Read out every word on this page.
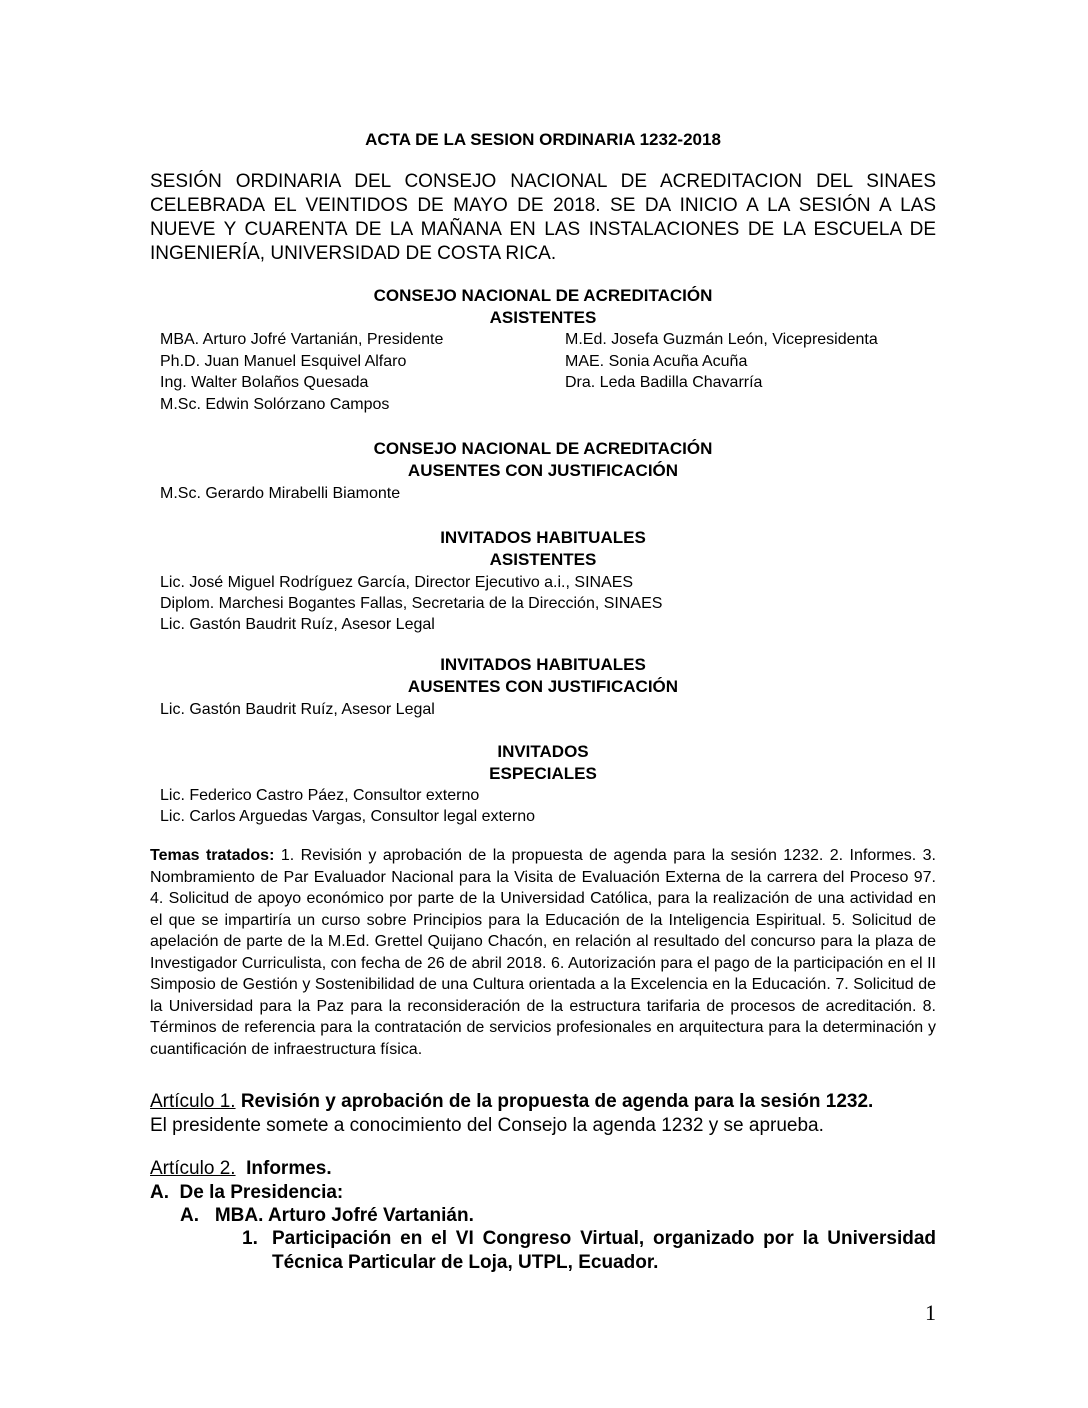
ACTA DE LA SESION ORDINARIA 1232-2018
SESIÓN ORDINARIA DEL CONSEJO NACIONAL DE ACREDITACION DEL SINAES CELEBRADA EL VEINTIDOS DE MAYO DE 2018. SE DA INICIO A LA SESIÓN A LAS NUEVE Y CUARENTA DE LA MAÑANA EN LAS INSTALACIONES DE LA ESCUELA DE INGENIERÍA, UNIVERSIDAD DE COSTA RICA.
CONSEJO NACIONAL DE ACREDITACIÓN
ASISTENTES
MBA. Arturo Jofré Vartanián, Presidente	M.Ed. Josefa Guzmán León, Vicepresidenta
Ph.D. Juan Manuel Esquivel Alfaro	MAE. Sonia Acuña Acuña
Ing. Walter Bolaños Quesada	Dra. Leda Badilla Chavarría
M.Sc. Edwin Solórzano Campos
CONSEJO NACIONAL DE ACREDITACIÓN
AUSENTES CON JUSTIFICACIÓN
M.Sc. Gerardo Mirabelli Biamonte
INVITADOS HABITUALES
ASISTENTES
Lic. José Miguel Rodríguez García, Director Ejecutivo a.i., SINAES
Diplom. Marchesi Bogantes Fallas, Secretaria de la Dirección, SINAES
Lic. Gastón Baudrit Ruíz, Asesor Legal
INVITADOS HABITUALES
AUSENTES CON JUSTIFICACIÓN
Lic. Gastón Baudrit Ruíz, Asesor Legal
INVITADOS
ESPECIALES
Lic. Federico Castro Páez, Consultor externo
Lic. Carlos Arguedas Vargas, Consultor legal externo
Temas tratados: 1. Revisión y aprobación de la propuesta de agenda para la sesión 1232. 2. Informes. 3. Nombramiento de Par Evaluador Nacional para la Visita de Evaluación Externa de la carrera del Proceso 97. 4. Solicitud de apoyo económico por parte de la Universidad Católica, para la realización de una actividad en el que se impartiría un curso sobre Principios para la Educación de la Inteligencia Espiritual. 5. Solicitud de apelación de parte de la M.Ed. Grettel Quijano Chacón, en relación al resultado del concurso para la plaza de Investigador Curriculista, con fecha de 26 de abril 2018. 6. Autorización para el pago de la participación en el II Simposio de Gestión y Sostenibilidad de una Cultura orientada a la Excelencia en la Educación. 7. Solicitud de la Universidad para la Paz para la reconsideración de la estructura tarifaria de procesos de acreditación. 8. Términos de referencia para la contratación de servicios profesionales en arquitectura para la determinación y cuantificación de infraestructura física.
Artículo 1. Revisión y aprobación de la propuesta de agenda para la sesión 1232.
El presidente somete a conocimiento del Consejo la agenda 1232 y se aprueba.
Artículo 2.  Informes.
A.  De la Presidencia:
A.   MBA. Arturo Jofré Vartanián.
1. Participación en el VI Congreso Virtual, organizado por la Universidad Técnica Particular de Loja, UTPL, Ecuador.
1
